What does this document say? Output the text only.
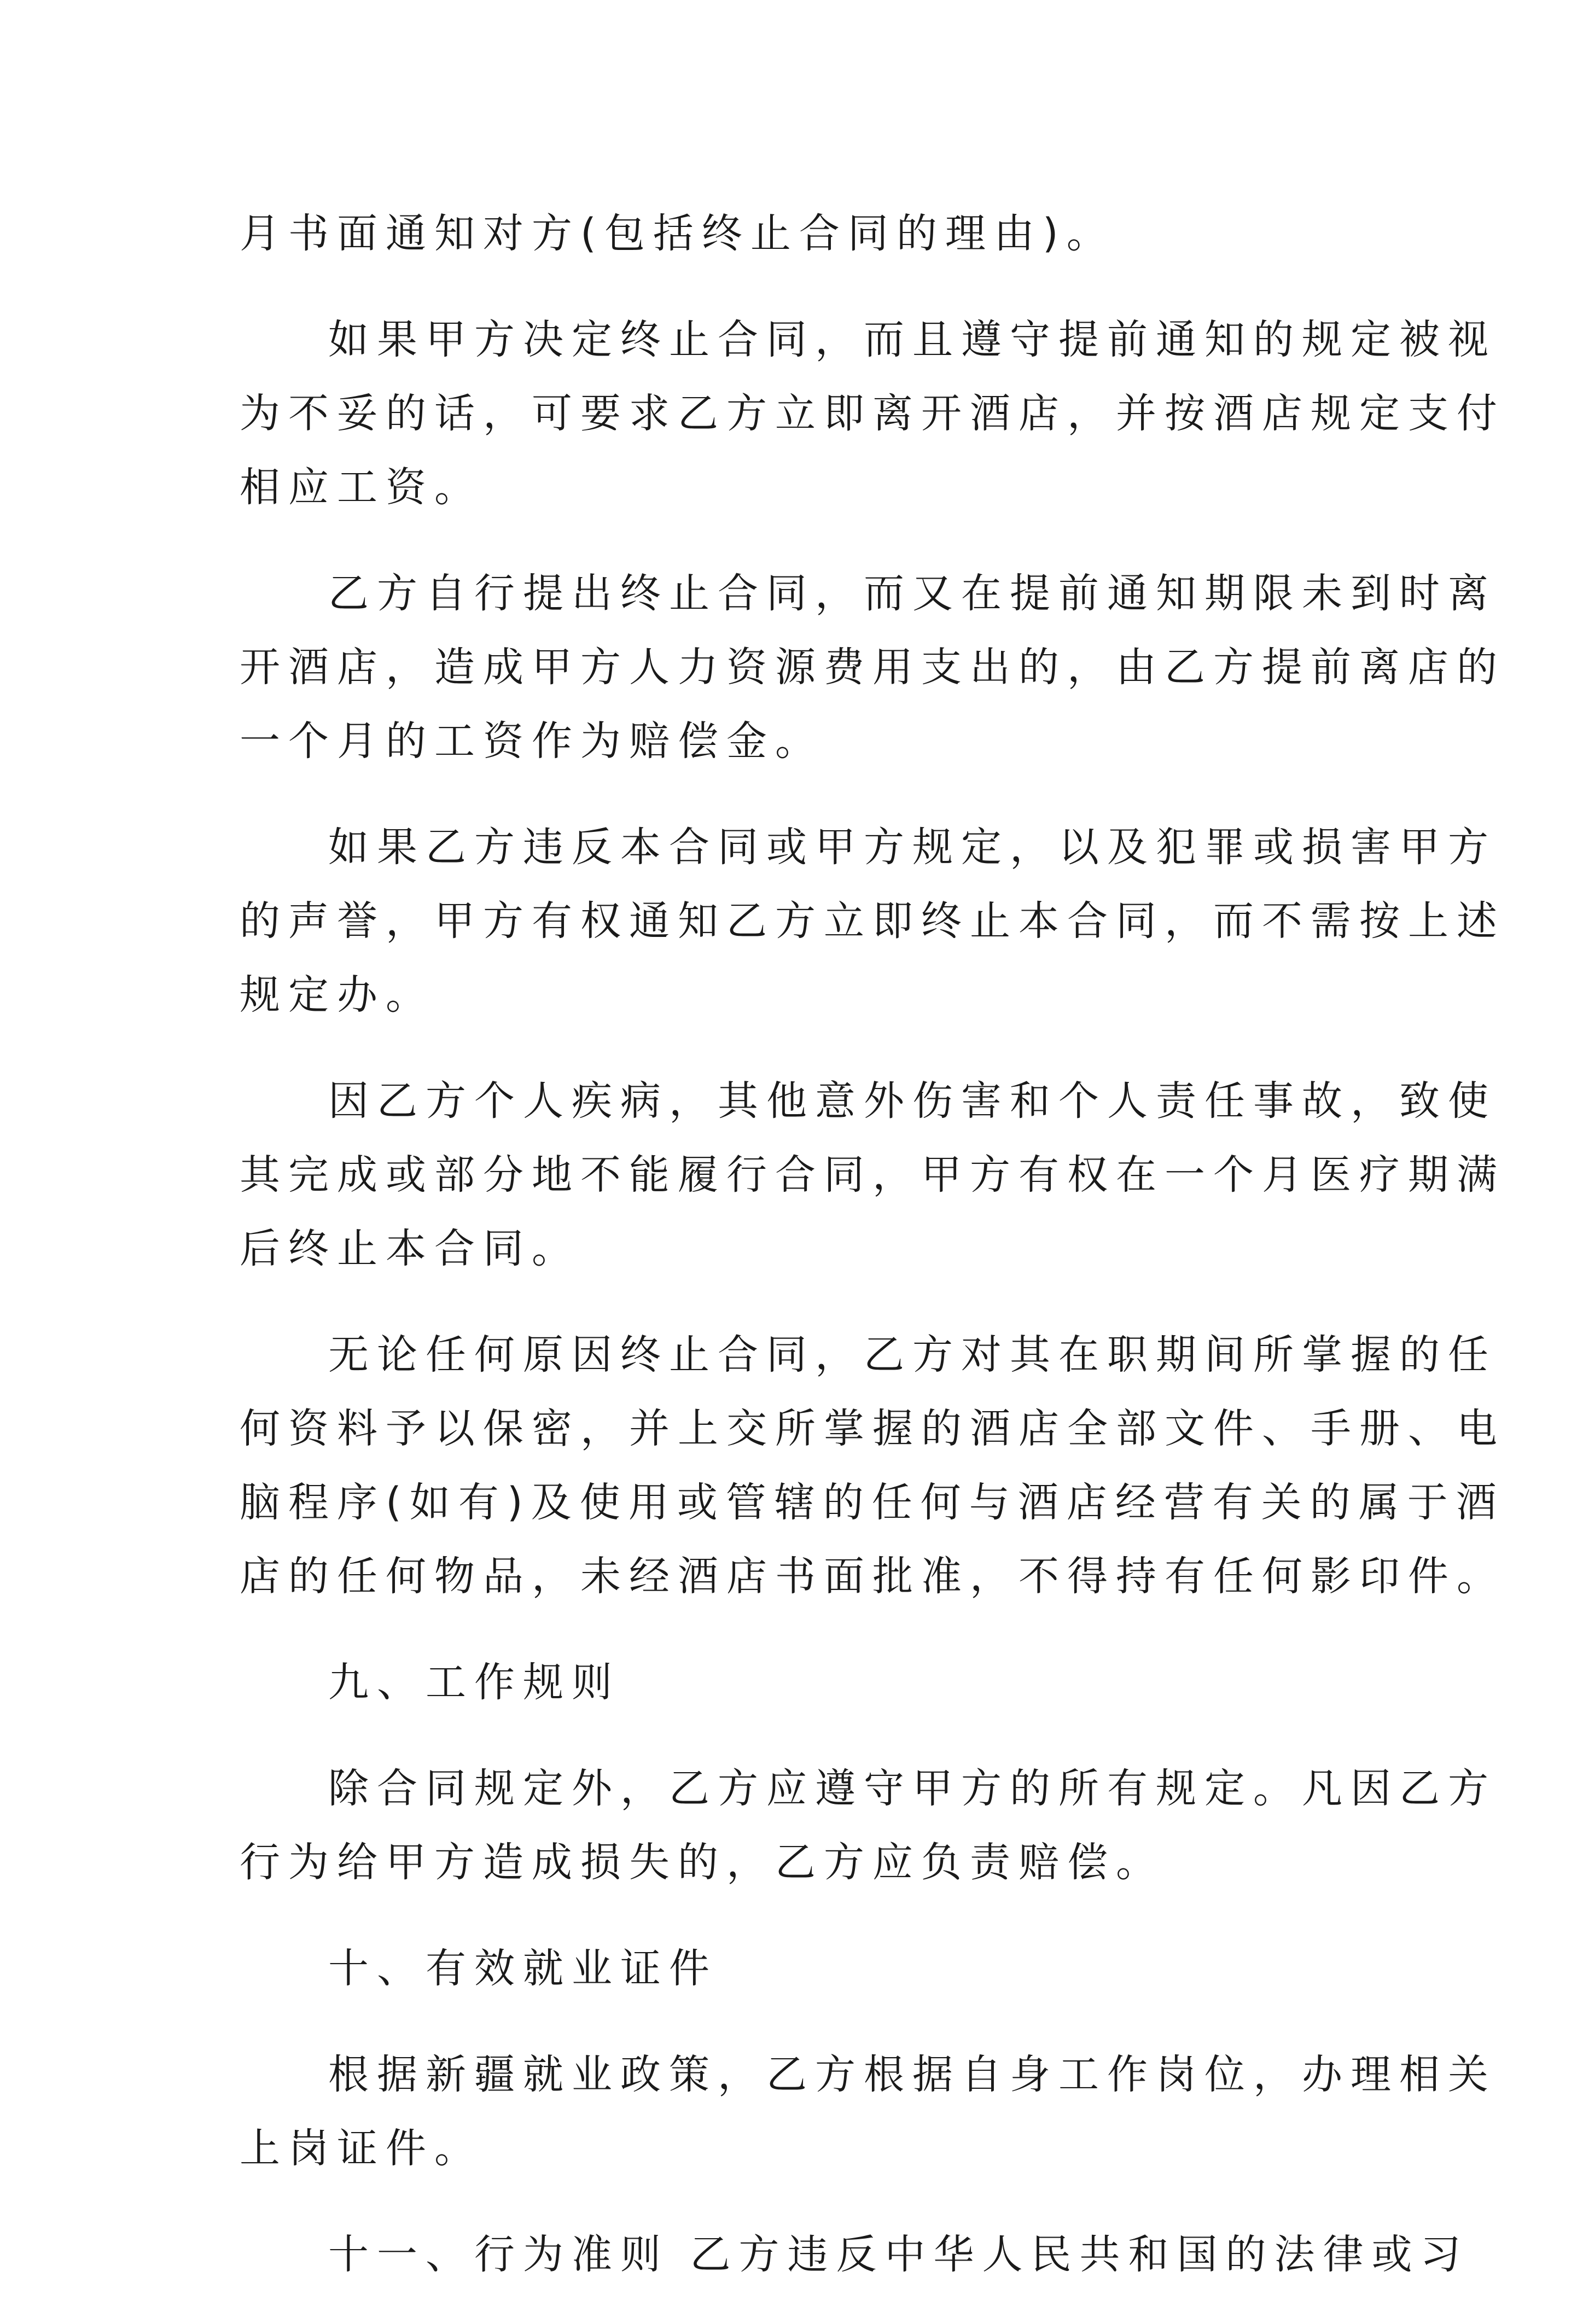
月书面通知对方(包括终止合同的理由)。

如果甲方决定终止合同，而且遵守提前通知的规定被视
为不妥的话，可要求乙方立即离开酒店，并按酒店规定支付
相应工资。

乙方自行提出终止合同，而又在提前通知期限未到时离
开酒店，造成甲方人力资源费用支出的，由乙方提前离店的
一个月的工资作为赔偿金。

如果乙方违反本合同或甲方规定，以及犯罪或损害甲方
的声誉，甲方有权通知乙方立即终止本合同，而不需按上述
规定办。

因乙方个人疾病，其他意外伤害和个人责任事故，致使
其完成或部分地不能履行合同，甲方有权在一个月医疗期满
后终止本合同。

无论任何原因终止合同，乙方对其在职期间所掌握的任
何资料予以保密，并上交所掌握的酒店全部文件、手册、电
脑程序(如有)及使用或管辖的任何与酒店经营有关的属于酒
店的任何物品，未经酒店书面批准，不得持有任何影印件。

九、工作规则

除合同规定外，乙方应遵守甲方的所有规定。凡因乙方
行为给甲方造成损失的，乙方应负责赔偿。

十、有效就业证件

根据新疆就业政策，乙方根据自身工作岗位，办理相关
上岗证件。

十一、行为准则 乙方违反中华人民共和国的法律或习
